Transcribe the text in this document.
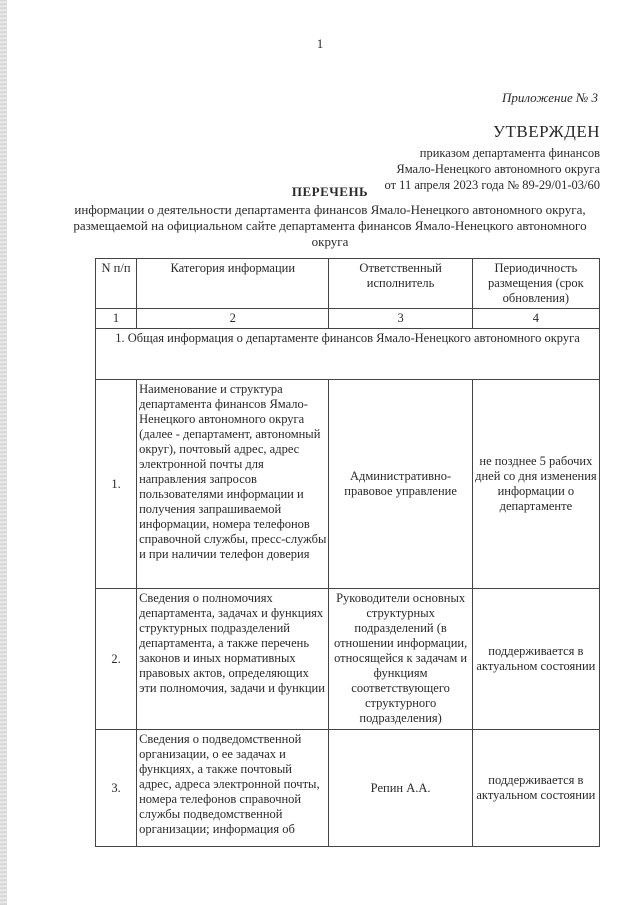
1
Приложение № 3
УТВЕРЖДЕН
приказом департамента финансов
Ямало-Ненецкого автономного округа
от 11 апреля 2023 года № 89-29/01-03/60
ПЕРЕЧЕНЬ
информации о деятельности департамента финансов Ямало-Ненецкого автономного округа, размещаемой на официальном сайте департамента финансов Ямало-Ненецкого автономного округа
N п/п	Категория информации	Ответственный исполнитель	Периодичность размещения (срок обновления)
1	2	3	4
1. Общая информация о департаменте финансов Ямало-Ненецкого автономного округа			
1.	Наименование и структура департамента финансов Ямало-Ненецкого автономного округа (далее - департамент, автономный округ), почтовый адрес, адрес электронной почты для направления запросов пользователями информации и получения запрашиваемой информации, номера телефонов справочной службы, пресс-службы и при наличии телефон доверия	Административно-правовое управление	не позднее 5 рабочих дней со дня изменения информации о департаменте
2.	Сведения о полномочиях департамента, задачах и функциях структурных подразделений департамента, а также перечень законов и иных нормативных правовых актов, определяющих эти полномочия, задачи и функции	Руководители основных структурных подразделений (в отношении информации, относящейся к задачам и функциям соответствующего структурного подразделения)	поддерживается в актуальном состоянии
3.	Сведения о подведомственной организации, о ее задачах и функциях, а также почтовый адрес, адреса электронной почты, номера телефонов справочной службы подведомственной организации; информация об	Репин А.А.	поддерживается в актуальном состоянии
